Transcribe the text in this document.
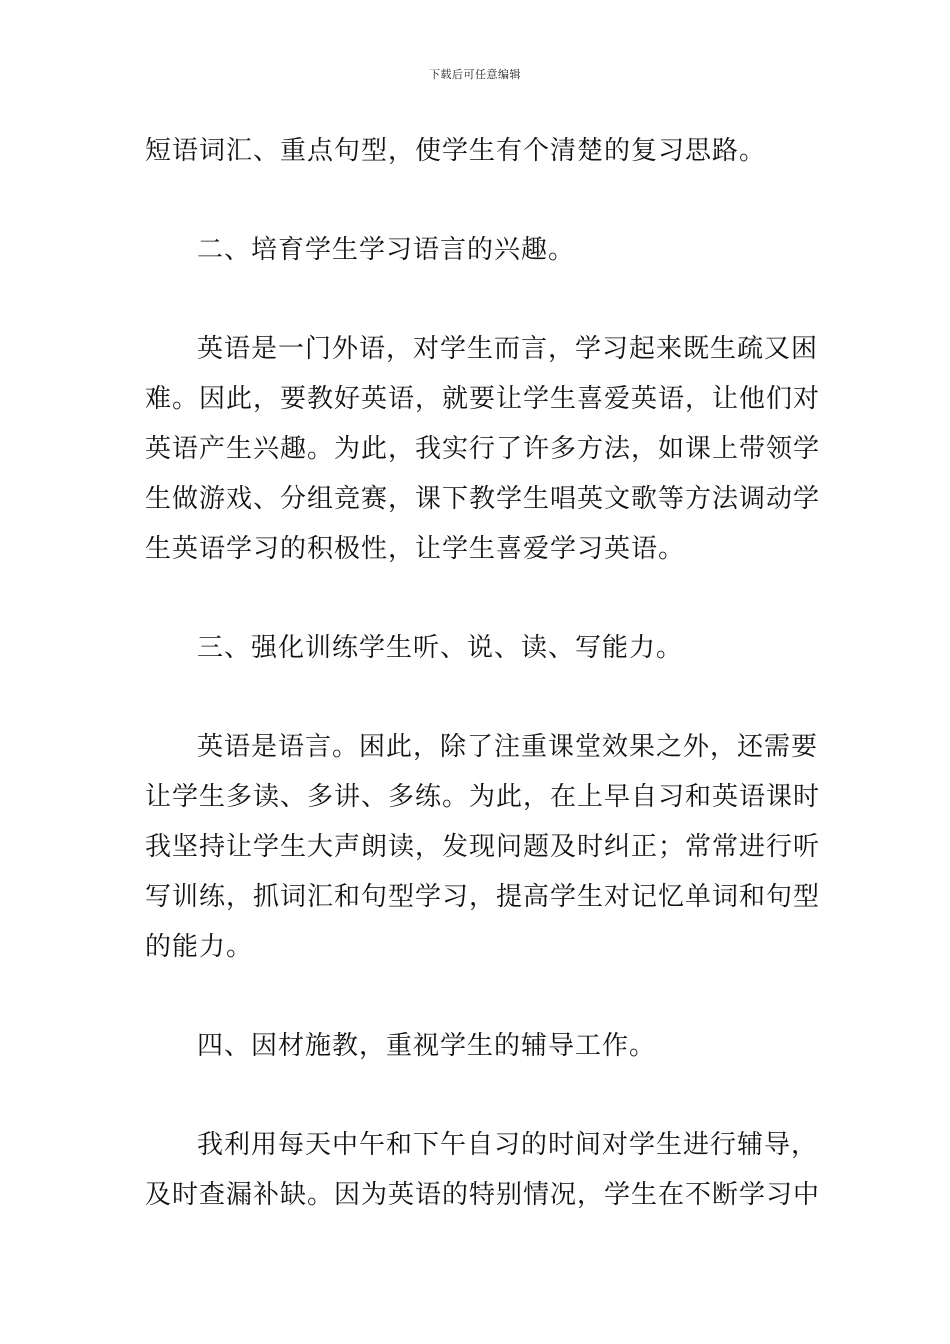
下载后可任意编辑
短语词汇、重点句型，使学生有个清楚的复习思路。
二、培育学生学习语言的兴趣。
英语是一门外语，对学生而言，学习起来既生疏又困
难。因此，要教好英语，就要让学生喜爱英语，让他们对
英语产生兴趣。为此，我实行了许多方法，如课上带领学
生做游戏、分组竞赛，课下教学生唱英文歌等方法调动学
生英语学习的积极性，让学生喜爱学习英语。
三、强化训练学生听、说、读、写能力。
英语是语言。困此，除了注重课堂效果之外，还需要
让学生多读、多讲、多练。为此，在上早自习和英语课时
我坚持让学生大声朗读，发现问题及时纠正；常常进行听
写训练，抓词汇和句型学习，提高学生对记忆单词和句型
的能力。
四、因材施教，重视学生的辅导工作。
我利用每天中午和下午自习的时间对学生进行辅导，
及时查漏补缺。因为英语的特别情况，学生在不断学习中
